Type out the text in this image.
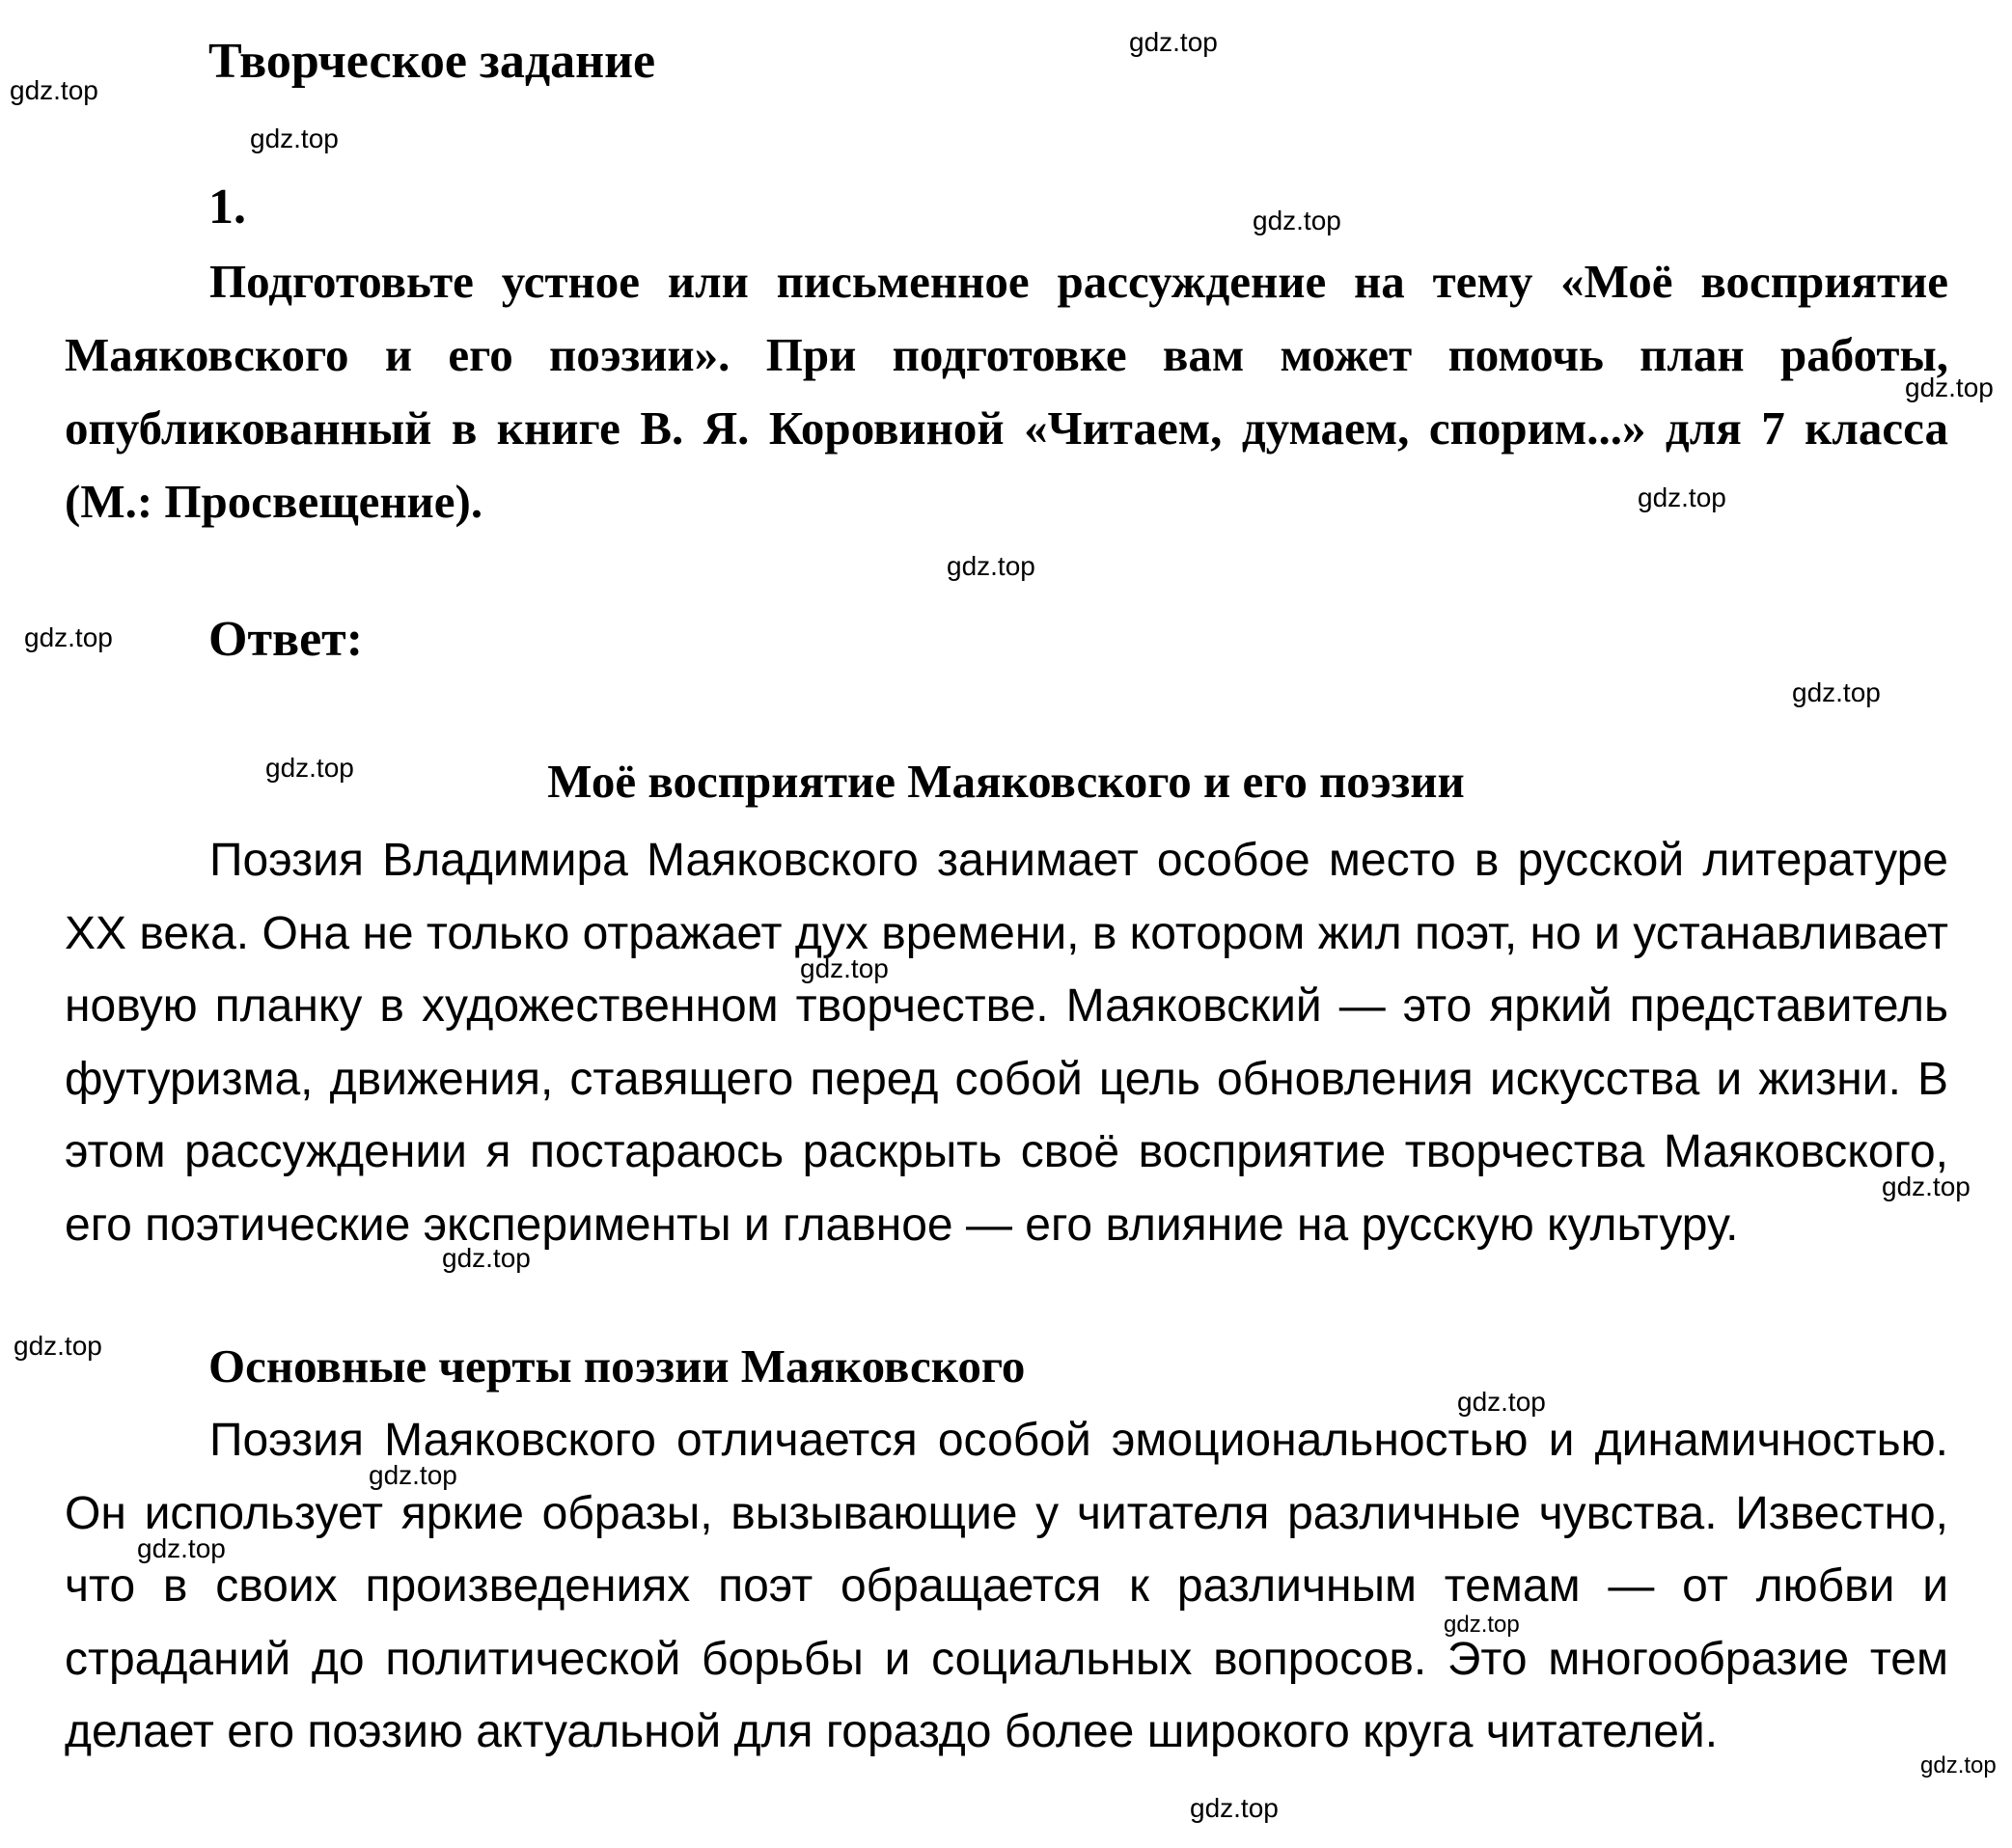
Творческое задание
1.

Подготовьте устное или письменное рассуждение на тему «Моё восприятие Маяковского и его поэзии». При подготовке вам может помочь план работы, опубликованный в книге В. Я. Коровиной «Читаем, думаем, спорим...» для 7 класса (М.: Просвещение).

Ответ:
Моё восприятие Маяковского и его поэзии

Поэзия Владимира Маяковского занимает особое место в русской литературе XX века. Она не только отражает дух времени, в котором жил поэт, но и устанавливает новую планку в художественном творчестве. Маяковский — это яркий представитель футуризма, движения, ставящего перед собой цель обновления искусства и жизни. В этом рассуждении я постараюсь раскрыть своё восприятие творчества Маяковского, его поэтические эксперименты и главное — его влияние на русскую культуру.

Основные черты поэзии Маяковского

Поэзия Маяковского отличается особой эмоциональностью и динамичностью. Он использует яркие образы, вызывающие у читателя различные чувства. Известно, что в своих произведениях поэт обращается к различным темам — от любви и страданий до политической борьбы и социальных вопросов. Это многообразие тем делает его поэзию актуальной для гораздо более широкого круга читателей.

gdz.top
gdz.top
gdz.top
gdz.top
gdz.top
gdz.top
gdz.top
gdz.top
gdz.top
gdz.top
gdz.top
gdz.top
gdz.top
gdz.top
gdz.top
gdz.top
gdz.top
gdz.top
gdz.top
gdz.top
